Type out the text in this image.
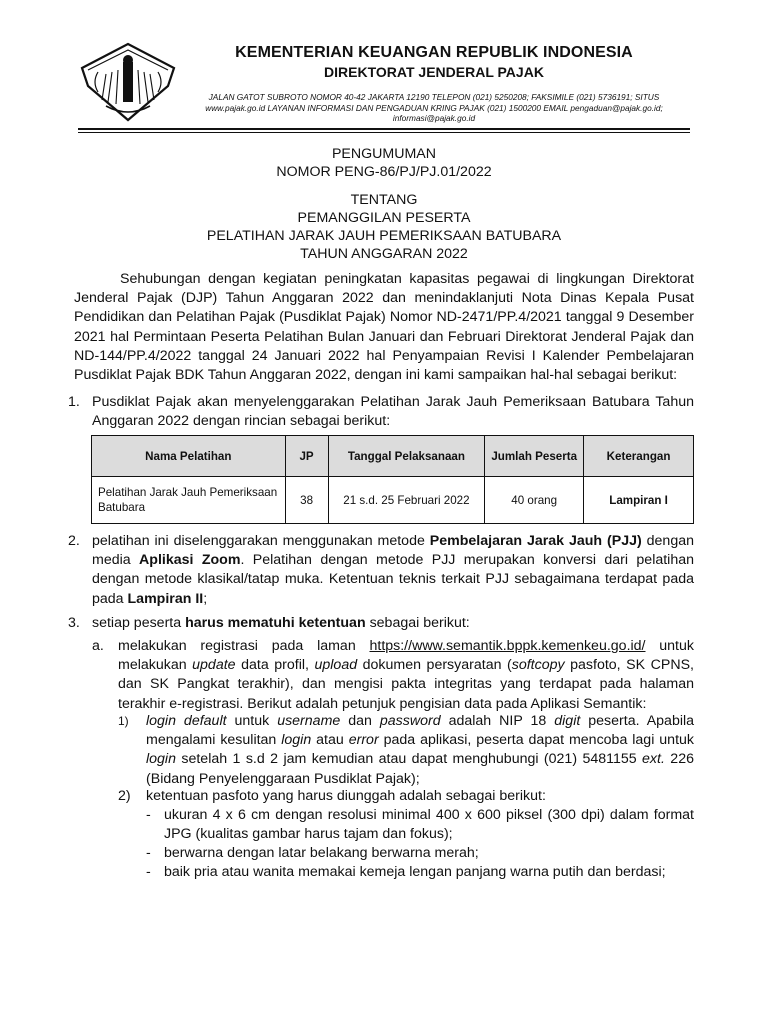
KEMENTERIAN KEUANGAN REPUBLIK INDONESIA
DIREKTORAT JENDERAL PAJAK
JALAN GATOT SUBROTO NOMOR 40-42 JAKARTA 12190 TELEPON (021) 5250208; FAKSIMILE (021) 5736191; SITUS
www.pajak.go.id LAYANAN INFORMASI DAN PENGADUAN KRING PAJAK (021) 1500200 EMAIL pengaduan@pajak.go.id;
informasi@pajak.go.id
PENGUMUMAN
NOMOR PENG-86/PJ/PJ.01/2022
TENTANG
PEMANGGILAN PESERTA
PELATIHAN JARAK JAUH PEMERIKSAAN BATUBARA
TAHUN ANGGARAN 2022
Sehubungan dengan kegiatan peningkatan kapasitas pegawai di lingkungan Direktorat Jenderal Pajak (DJP) Tahun Anggaran 2022 dan menindaklanjuti Nota Dinas Kepala Pusat Pendidikan dan Pelatihan Pajak (Pusdiklat Pajak) Nomor ND-2471/PP.4/2021 tanggal 9 Desember 2021 hal Permintaan Peserta Pelatihan Bulan Januari dan Februari Direktorat Jenderal Pajak dan ND-144/PP.4/2022 tanggal 24 Januari 2022 hal Penyampaian Revisi I Kalender Pembelajaran Pusdiklat Pajak BDK Tahun Anggaran 2022, dengan ini kami sampaikan hal-hal sebagai berikut:
1. Pusdiklat Pajak akan menyelenggarakan Pelatihan Jarak Jauh Pemeriksaan Batubara Tahun Anggaran 2022 dengan rincian sebagai berikut:
Nama Pelatihan	JP	Tanggal Pelaksanaan	Jumlah Peserta	Keterangan
Pelatihan Jarak Jauh Pemeriksaan Batubara	38	21 s.d. 25 Februari 2022	40 orang	Lampiran I
2. pelatihan ini diselenggarakan menggunakan metode Pembelajaran Jarak Jauh (PJJ) dengan media Aplikasi Zoom. Pelatihan dengan metode PJJ merupakan konversi dari pelatihan dengan metode klasikal/tatap muka. Ketentuan teknis terkait PJJ sebagaimana terdapat pada pada Lampiran II;
3. setiap peserta harus mematuhi ketentuan sebagai berikut:
a. melakukan registrasi pada laman https://www.semantik.bppk.kemenkeu.go.id/ untuk melakukan update data profil, upload dokumen persyaratan (softcopy pasfoto, SK CPNS, dan SK Pangkat terakhir), dan mengisi pakta integritas yang terdapat pada halaman terakhir e-registrasi. Berikut adalah petunjuk pengisian data pada Aplikasi Semantik:
1) login default untuk username dan password adalah NIP 18 digit peserta. Apabila mengalami kesulitan login atau error pada aplikasi, peserta dapat mencoba lagi untuk login setelah 1 s.d 2 jam kemudian atau dapat menghubungi (021) 5481155 ext. 226 (Bidang Penyelenggaraan Pusdiklat Pajak);
2) ketentuan pasfoto yang harus diunggah adalah sebagai berikut:
- ukuran 4 x 6 cm dengan resolusi minimal 400 x 600 piksel (300 dpi) dalam format JPG (kualitas gambar harus tajam dan fokus);
- berwarna dengan latar belakang berwarna merah;
- baik pria atau wanita memakai kemeja lengan panjang warna putih dan berdasi;
